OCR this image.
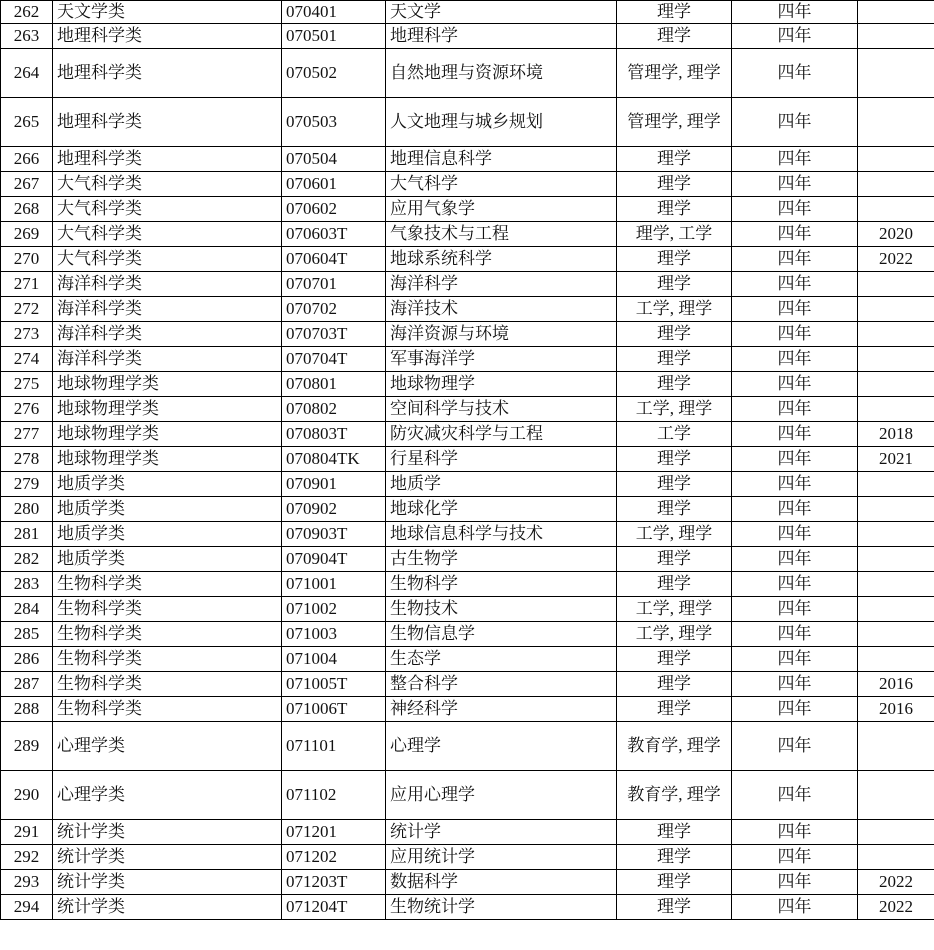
262	天文学类	070401	天文学	理学	四年	
263	地理科学类	070501	地理科学	理学	四年	
264	地理科学类	070502	自然地理与资源环境	管理学, 理学	四年	
265	地理科学类	070503	人文地理与城乡规划	管理学, 理学	四年	
266	地理科学类	070504	地理信息科学	理学	四年	
267	大气科学类	070601	大气科学	理学	四年	
268	大气科学类	070602	应用气象学	理学	四年	
269	大气科学类	070603T	气象技术与工程	理学, 工学	四年	2020
270	大气科学类	070604T	地球系统科学	理学	四年	2022
271	海洋科学类	070701	海洋科学	理学	四年	
272	海洋科学类	070702	海洋技术	工学, 理学	四年	
273	海洋科学类	070703T	海洋资源与环境	理学	四年	
274	海洋科学类	070704T	军事海洋学	理学	四年	
275	地球物理学类	070801	地球物理学	理学	四年	
276	地球物理学类	070802	空间科学与技术	工学, 理学	四年	
277	地球物理学类	070803T	防灾减灾科学与工程	工学	四年	2018
278	地球物理学类	070804TK	行星科学	理学	四年	2021
279	地质学类	070901	地质学	理学	四年	
280	地质学类	070902	地球化学	理学	四年	
281	地质学类	070903T	地球信息科学与技术	工学, 理学	四年	
282	地质学类	070904T	古生物学	理学	四年	
283	生物科学类	071001	生物科学	理学	四年	
284	生物科学类	071002	生物技术	工学, 理学	四年	
285	生物科学类	071003	生物信息学	工学, 理学	四年	
286	生物科学类	071004	生态学	理学	四年	
287	生物科学类	071005T	整合科学	理学	四年	2016
288	生物科学类	071006T	神经科学	理学	四年	2016
289	心理学类	071101	心理学	教育学, 理学	四年	
290	心理学类	071102	应用心理学	教育学, 理学	四年	
291	统计学类	071201	统计学	理学	四年	
292	统计学类	071202	应用统计学	理学	四年	
293	统计学类	071203T	数据科学	理学	四年	2022
294	统计学类	071204T	生物统计学	理学	四年	2022
